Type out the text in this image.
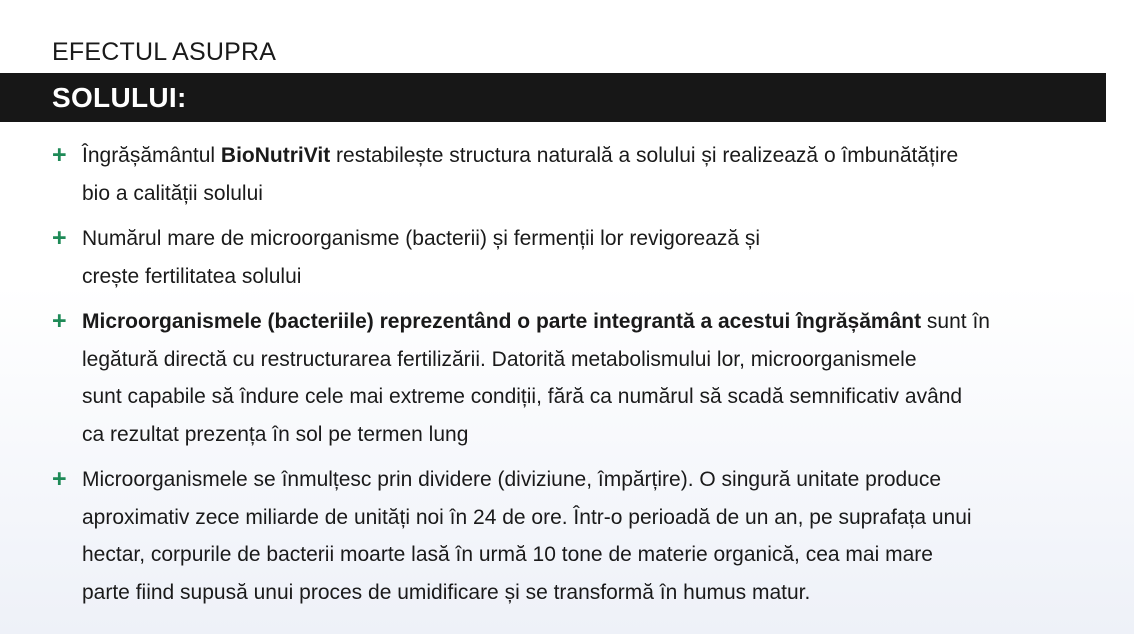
EFECTUL ASUPRA
SOLULUI:
+ Îngrășământul BioNutriVit restabilește structura naturală a solului și realizează o îmbunătățire
bio a calității solului
+ Numărul mare de microorganisme (bacterii) și fermenții lor revigorează și
crește fertilitatea solului
+ Microorganismele (bacteriile) reprezentând o parte integrantă a acestui îngrășământ sunt în
legătură directă cu restructurarea fertilizării. Datorită metabolismului lor, microorganismele
sunt capabile să îndure cele mai extreme condiții, fără ca numărul să scadă semnificativ având
ca rezultat prezența în sol pe termen lung
+ Microorganismele se înmulțesc prin dividere (diviziune, împărțire). O singură unitate produce
aproximativ zece miliarde de unități noi în 24 de ore. Într-o perioadă de un an, pe suprafața unui
hectar, corpurile de bacterii moarte lasă în urmă 10 tone de materie organică, cea mai mare
parte fiind supusă unui proces de umidificare și se transformă în humus matur.
